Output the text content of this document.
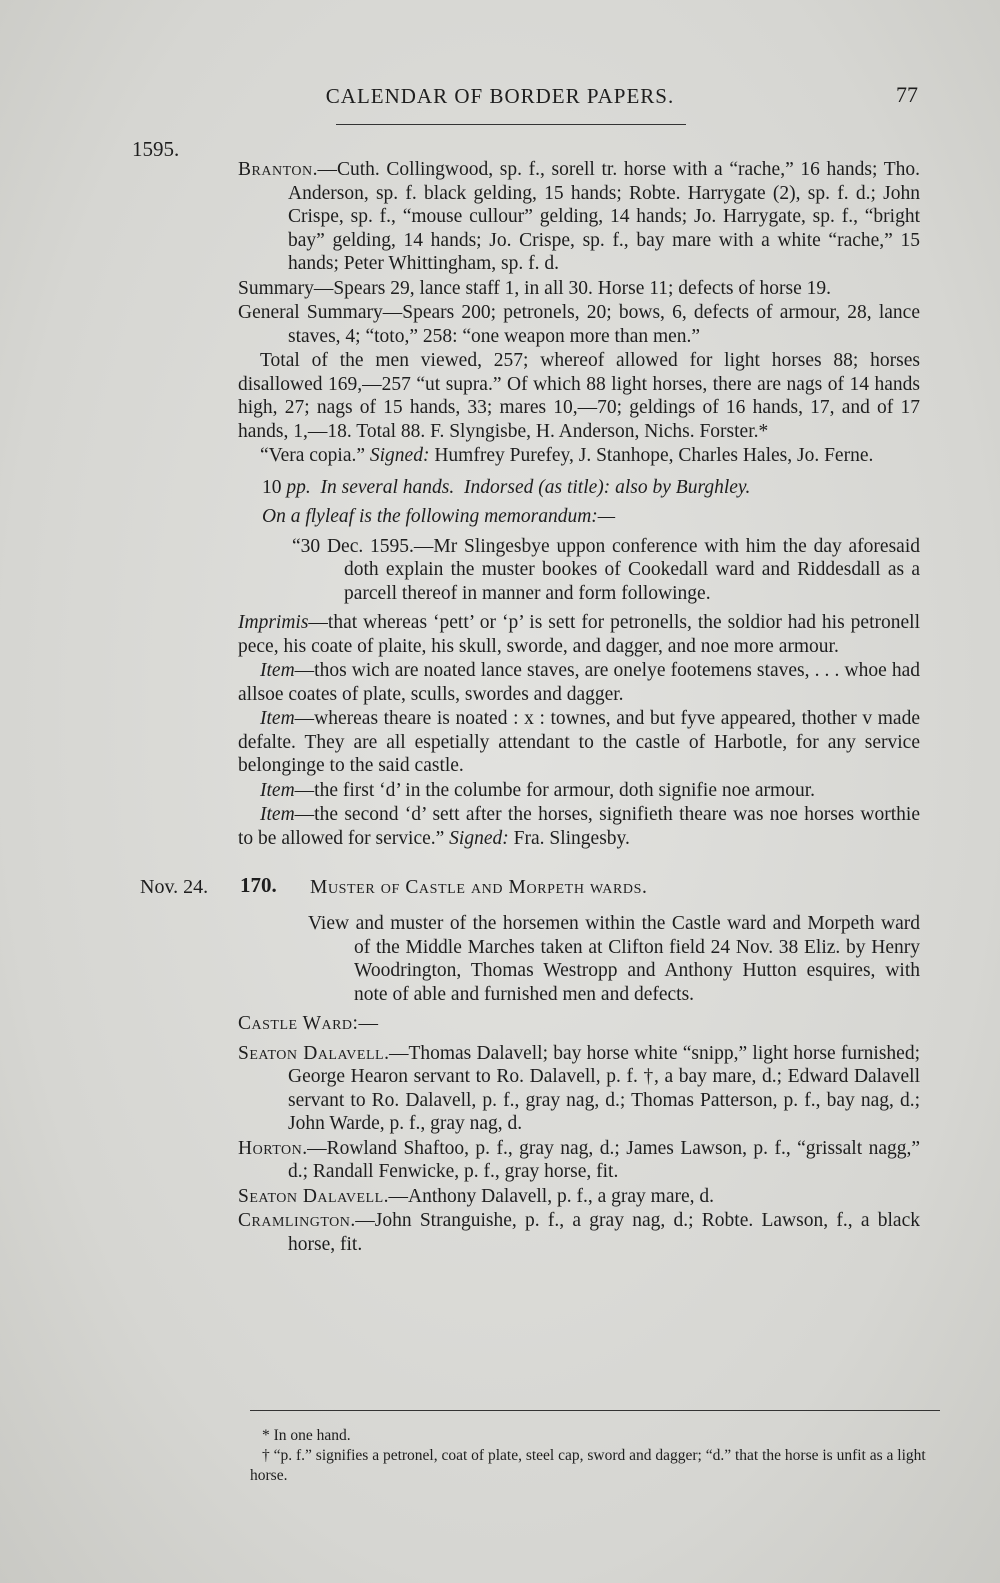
CALENDAR OF BORDER PAPERS.	77
1595.

Branton.—Cuth. Collingwood, sp. f., sorell tr. horse with a “rache,” 16 hands; Tho. Anderson, sp. f. black gelding, 15 hands; Robte. Harrygate (2), sp. f. d.; John Crispe, sp. f., “mouse cullour” gelding, 14 hands; Jo. Harrygate, sp. f., “bright bay” gelding, 14 hands; Jo. Crispe, sp. f., bay mare with a white “rache,” 15 hands; Peter Whittingham, sp. f. d.

Summary—Spears 29, lance staff 1, in all 30. Horse 11; defects of horse 19.

General Summary—Spears 200; petronels, 20; bows, 6, defects of armour, 28, lance staves, 4; “toto,” 258: “one weapon more than men.”

Total of the men viewed, 257; whereof allowed for light horses 88; horses disallowed 169,—257 “ut supra.” Of which 88 light horses, there are nags of 14 hands high, 27; nags of 15 hands, 33; mares 10,—70; geldings of 16 hands, 17, and of 17 hands, 1,—18. Total 88. F. Slyngisbe, H. Anderson, Nichs. Forster.*

“Vera copia.” Signed: Humfrey Purefey, J. Stanhope, Charles Hales, Jo. Ferne.

10 pp. In several hands. Indorsed (as title): also by Burghley.

On a flyleaf is the following memorandum:—

“30 Dec. 1595.—Mr Slingesbye uppon conference with him the day aforesaid doth explain the muster bookes of Cookedall ward and Riddesdall as a parcell thereof in manner and form followinge.

Imprimis—that whereas ‘pett’ or ‘p’ is sett for petronells, the soldior had his petronell pece, his coate of plaite, his skull, sworde, and dagger, and noe more armour.

Item—thos wich are noated lance staves, are onelye footemens staves, . . . whoe had allsoe coates of plate, sculls, swordes and dagger.

Item—whereas theare is noated : x : townes, and but fyve appeared, thother v made defalte. They are all espetially attendant to the castle of Harbotle, for any service belonginge to the said castle.

Item—the first ‘d’ in the columbe for armour, doth signifie noe armour.

Item—the second ‘d’ sett after the horses, signifieth theare was noe horses worthie to be allowed for service.” Signed: Fra. Slingesby.

Nov. 24. 170. Muster of Castle and Morpeth wards.

View and muster of the horsemen within the Castle ward and Morpeth ward of the Middle Marches taken at Clifton field 24 Nov. 38 Eliz. by Henry Woodrington, Thomas Westropp and Anthony Hutton esquires, with note of able and furnished men and defects.

Castle Ward:—

Seaton Dalavell.—Thomas Dalavell; bay horse white “snipp,” light horse furnished; George Hearon servant to Ro. Dalavell, p. f. †, a bay mare, d.; Edward Dalavell servant to Ro. Dalavell, p. f., gray nag, d.; Thomas Patterson, p. f., bay nag, d.; John Warde, p. f., gray nag, d.

Horton.—Rowland Shaftoo, p. f., gray nag, d.; James Lawson, p. f., “grissalt nagg,” d.; Randall Fenwicke, p. f., gray horse, fit.

Seaton Dalavell.—Anthony Dalavell, p. f., a gray mare, d.

Cramlington.—John Stranguishe, p. f., a gray nag, d.; Robte. Lawson, f., a black horse, fit.

* In one hand.

† “p. f.” signifies a petronel, coat of plate, steel cap, sword and dagger; “d.” that the horse is unfit as a light horse.
